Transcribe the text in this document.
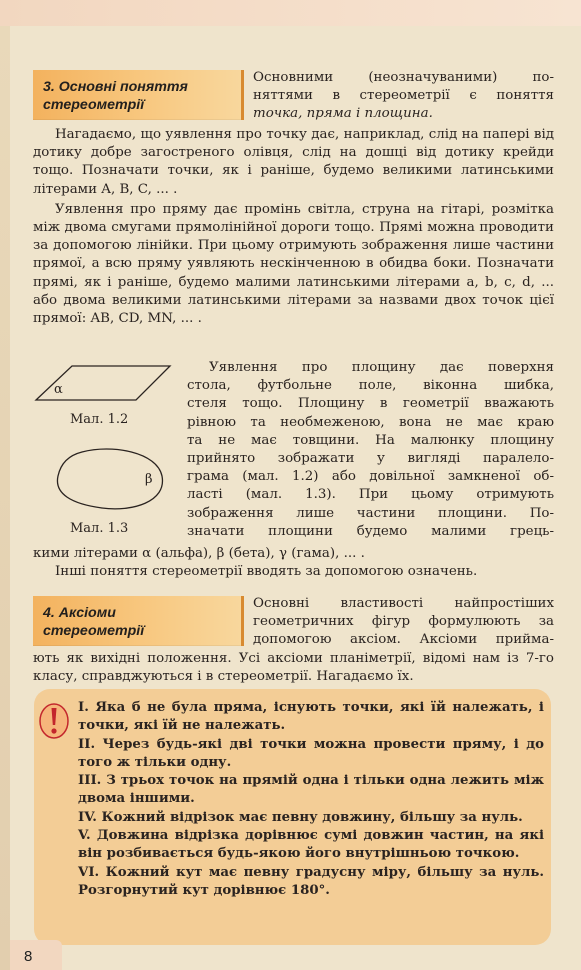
3. Основні поняття
стереометрії

Основними (неозначуваними) по-

няттями в стереометрії є поняття

точка, пряма і площина.

Нагадаємо, що уявлення про точку дає, наприклад, слід на папері від дотику добре загостреного олівця, слід на дошці від дотику крейди тощо. Позначати точки, як і раніше, будемо великими латинськими літерами A, B, C, ... .

Уявлення про пряму дає промінь світла, струна на гітарі, розмітка між двома смугами прямолінійної дороги тощо. Прямі можна проводити за допомогою лінійки. При цьому отримують зображення лише частини прямої, а всю пряму уявляють нескінченною в обидва боки. Позначати прямі, як і раніше, будемо малими латинськими літерами a, b, c, d, ... або двома великими латинськими літерами за назвами двох точок цієї прямої: AB, CD, MN, ... .

α
Мал. 1.2
β
Мал. 1.3

Уявлення про площину дає поверхня

стола, футбольне поле, віконна шибка,

стеля тощо. Площину в геометрії вважають

рівною та необмеженою, вона не має краю

та не має товщини. На малюнку площину

прийнято зображати у вигляді паралело-

грама (мал. 1.2) або довільної замкненої об-

ласті (мал. 1.3). При цьому отримують

зображення лише частини площини. По-

значати площини будемо малими грець-

кими літерами α (альфа), β (бета), γ (гама), ... .

Інші поняття стереометрії вводять за допомогою означень.

4. Аксіоми
стереометрії

Основні властивості найпростіших

геометричних фігур формулюють за

допомогою аксіом. Аксіоми прийма-

ють як вихідні положення. Усі аксіоми планіметрії, відомі нам із 7-го класу, справджуються і в стереометрії. Нагадаємо їх.

I. Яка б не була пряма, існують точки, які їй належать, і точки, які їй не належать.

II. Через будь-які дві точки можна провести пряму, і до того ж тільки одну.

III. З трьох точок на прямій одна і тільки одна лежить між двома іншими.

IV. Кожний відрізок має певну довжину, більшу за нуль.

V. Довжина відрізка дорівнює сумі довжин частин, на які він розбивається будь-якою його внутрішньою точкою.

VI. Кожний кут має певну градусну міру, більшу за нуль. Розгорнутий кут дорівнює 180°.

8
